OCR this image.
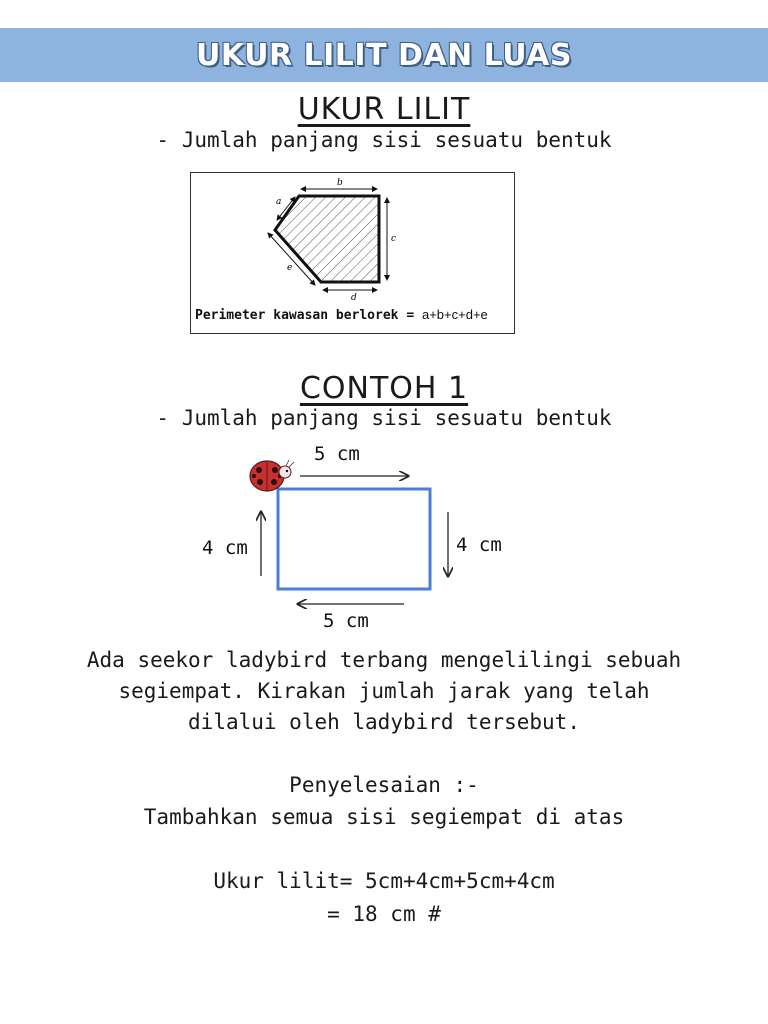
UKUR LILIT DAN LUAS
UKUR LILIT
- Jumlah panjang sisi sesuatu bentuk
b
c
d
a
e
Perimeter kawasan berlorek = a+b+c+d+e
CONTOH 1
- Jumlah panjang sisi sesuatu bentuk
5 cm
5 cm
4 cm	4 cm
Ada seekor ladybird terbang mengelilingi sebuah
segiempat. Kirakan jumlah jarak yang telah
dilalui oleh ladybird tersebut.
Penyelesaian :-
Tambahkan semua sisi segiempat di atas
Ukur lilit= 5cm+4cm+5cm+4cm
= 18 cm #
